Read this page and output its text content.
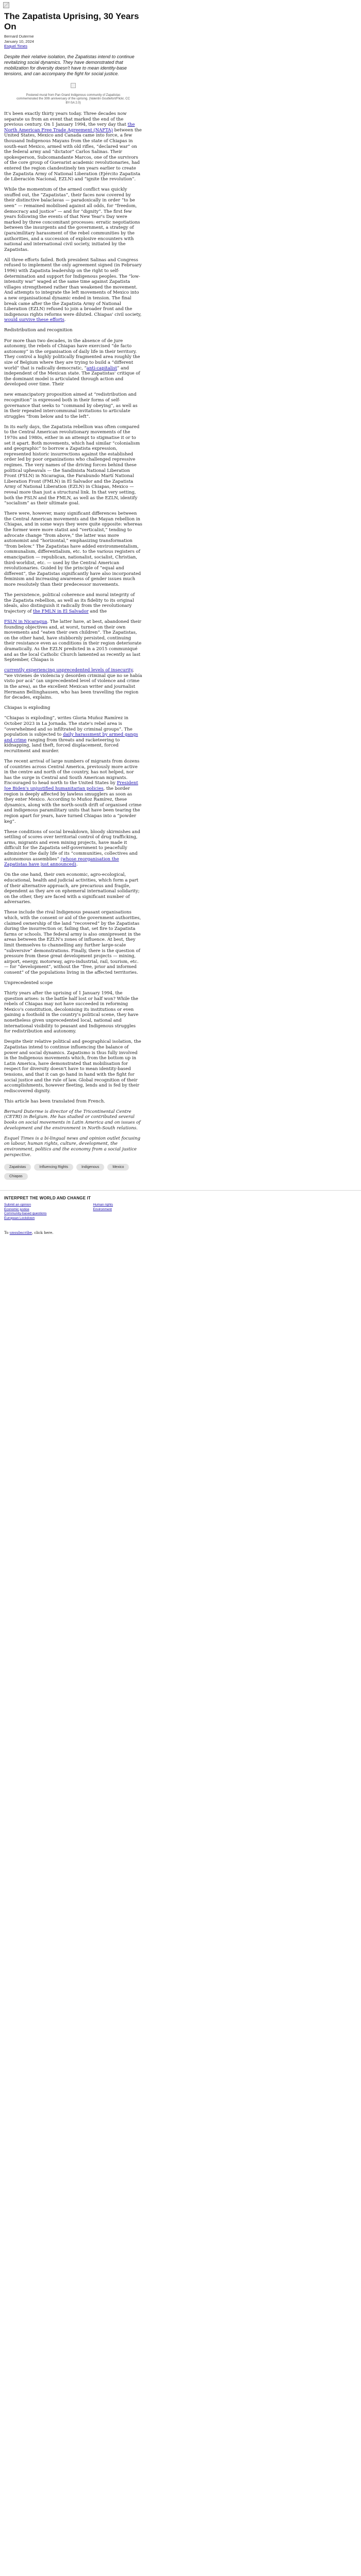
The Zapatista Uprising, 30 Years On
Bernard Duterme
January 10, 2024
Esquel Times

Despite their relative isolation, the Zapatistas intend to continue revitalizing social dynamics. They have demonstrated that mobilization for diversity doesn't have to mean identity-base tensions, and can accompany the fight for social justice.

Postered mural from Pan Grand Indigenous community of Zapatistas commemorated the 30th anniversary of the uprising. (Valentin Gouttefort/Flickr, CC BY-SA 2.0)

It's been exactly thirty years today. Three decades now separate us from an event that marked the end of the previous century. On 1 January 1994, the very day that the North American Free Trade Agreement (NAFTA) between the United States, Mexico and Canada came into force, a few thousand Indigenous Mayans from the state of Chiapas in south-east Mexico, armed with old rifles, “declared war” on the federal army and “dictator” Carlos Salinas. Their spokesperson, Subcomandante Marcos, one of the survivors of the core group of Guevarist academic revolutionaries, had entered the region clandestinely ten years earlier to create the Zapatista Army of National Liberation (Ejército Zapatista de Liberación Nacional, EZLN) and “ignite the revolution”.

While the momentum of the armed conflict was quickly snuffed out, the “Zapatistas”, their faces now covered by their distinctive balaclavas — paradoxically in order “to be seen” — remained mobilised against all odds, for “freedom, democracy and justice” — and for “dignity”. The first few years following the events of that New Year's Day were marked by three concomitant processes: erratic negotiations between the insurgents and the government, a strategy of (para)military harassment of the rebel communities by the authorities, and a succession of explosive encounters with national and international civil society, initiated by the Zapatistas.

All three efforts failed. Both president Salinas and Congress refused to implement the only agreement signed (in February 1996) with Zapatista leadership on the right to self-determination and support for Indigenous peoples. The “low-intensity war” waged at the same time against Zapatista villages strengthened rather than weakened the movement. And attempts to integrate the left movements of Mexico into a new organisational dynamic ended in tension. The final break came after the the Zapatista Army of National Liberation (EZLN) refused to join a broader front and the indigenous rights reforms were diluted. Chiapas' civil society, would survive these efforts.

Redistribution and recognition

For more than two decades, in the absence of de jure autonomy, the rebels of Chiapas have exercised “de facto autonomy” in the organisation of daily life in their territory. They control a highly politically fragmented area roughly the size of Belgium where they are trying to build a “different world” that is radically democratic, “anti-capitalist” and independent of the Mexican state. The Zapatistas' critique of the dominant model is articulated through action and developed over time. Their

new emancipatory proposition aimed at “redistribution and recognition” is expressed both in their forms of self-governance that seeks to “command by obeying”, as well as in their repeated intercommunal invitations to articulate struggles “from below and to the left”.

In its early days, the Zapatista rebellion was often compared to the Central American revolutionary movements of the 1970s and 1980s, either in an attempt to stigmatise it or to set it apart. Both movements, which had similar “colonialism and geographic” to borrow a Zapatista expression, represented historic insurrections against the established order led by poor organizations who challenged repressive regimes. The very names of the driving forces behind these political upheavals — the Sandinista National Liberation Front (FSLN) in Nicaragua, the Farabundo Martí National Liberation Front (FMLN) in El Salvador and the Zapatista Army of National Liberation (EZLN) in Chiapas, Mexico — reveal more than just a structural link. In that very setting, both the FSLN and the FMLN, as well as the EZLN, identify “socialism” as their ultimate goal.

There were, however, many significant differences between the Central American movements and the Mayan rebellion in Chiapas, and in some ways they were quite opposite: whereas the former were more statist and “verticalist,” tending to advocate change “from above,” the latter was more autonomist and “horizontal,” emphasizing transformation “from below.” The Zapatistas have added environmentalism, communalism, differentialism, etc. to the various registers of emancipation — republican, nationalist, socialist, Christian, third-worldist, etc. — used by the Central American revolutionaries. Guided by the principle of “equal and different”, the Zapatistas significantly have also incorporated feminism and increasing awareness of gender issues much more resolutely than their predecessor movements.

The persistence, political coherence and moral integrity of the Zapatista rebellion, as well as its fidelity to its original ideals, also distinguish it radically from the revolutionary trajectory of the FMLN in El Salvador and the

FSLN in Nicaragua. The latter have, at best, abandoned their founding objectives and, at worst, turned on their own movements and “eaten their own children”. The Zapatistas, on the other hand, have stubbornly persisted, continuing their resistance even as conditions in their region deteriorate dramatically. As the EZLN predicted in a 2015 communiqué and as the local Catholic Church lamented as recently as last September, Chiapas is

currently experiencing unprecedented levels of insecurity, “we vivienes de violencia y desorden criminal que no se había visto por acá” (an unprecedented level of violence and crime in the area), as the excellent Mexican writer and journalist Hermann Bellinghausen, who has been travelling the region for decades, explains.

Chiapas is exploding

“Chiapas is exploding”, writes Gloria Muñoz Ramírez in October 2023 in La Jornada. The state's rebel area is “overwhelmed and so infiltrated by criminal groups”. The population is subjected to daily harassment by armed gangs and crime ranging from threats and racketeering to kidnapping, land theft, forced displacement, forced recruitment and murder.

The recent arrival of large numbers of migrants from dozens of countries across Central America, previously more active in the centre and north of the country, has not helped, nor has the surge in Central and South American migrants. Encouraged to head north to the United States by President Joe Biden's unjustified humanitarian policies, the border region is deeply affected by lawless smugglers as soon as they enter Mexico. According to Muñoz Ramírez, these dynamics, along with the north-south drift of organised crime and indigenous paramilitary units that have been tearing the region apart for years, have turned Chiapas into a “powder keg”.

These conditions of social breakdown, bloody skirmishes and settling of scores over territorial control of drug trafficking, arms, migrants and even mining projects, have made it difficult for the Zapatista self-government to peacefully administer the daily life of its “communities, collectives and autonomous assemblies” (whose reorganisation the Zapatistas have just announced).

On the one hand, their own economic, agro-ecological, educational, health and judicial activities, which form a part of their alternative approach, are precarious and fragile, dependent as they are on ephemeral international solidarity; on the other, they are faced with a significant number of adversaries.

These include the rival Indigenous peasant organisations which, with the consent or aid of the government authorities, claimed ownership of the land “recovered” by the Zapatistas during the insurrection or, failing that, set fire to Zapatista farms or schools. The federal army is also omnipresent in the areas between the EZLN's zones of influence. At best, they limit themselves to channelling any further large-scale “subversive” demonstrations. Finally, there is the question of pressure from these great development projects — mining, airport, energy, motorway, agro-industrial, rail, tourism, etc. — for “development”, without the “free, prior and informed consent” of the populations living in the affected territories.

Unprecedented scope

Thirty years after the uprising of 1 January 1994, the question arises: is the battle half lost or half won? While the rebels of Chiapas may not have succeeded in reforming Mexico's constitution, decolonising its institutions or even gaining a foothold in the country's political scene, they have nonetheless given unprecedented local, national and international visibility to peasant and Indigenous struggles for redistribution and autonomy.

Despite their relative political and geographical isolation, the Zapatistas intend to continue influencing the balance of power and social dynamics. Zapatismo is thus fully involved in the Indigenous movements which, from the bottom up in Latin America, have demonstrated that mobilisation for respect for diversity doesn't have to mean identity-based tensions, and that it can go hand in hand with the fight for social justice and the rule of law. Global recognition of their accomplishments, however fleeting, lends and is fed by their rediscovered dignity.

This article has been translated from French.

Bernard Duterme is director of the Tricontinental Centre (CETRI) in Belgium. He has studied or contributed several books on social movements in Latin America and on issues of development and the environment in North-South relations.

Esquel Times is a bi-lingual news and opinion outlet focusing on labour, human rights, culture, development, the environment, politics and the economy from a social justice perspective.

Zapatistas	Influencing Rights	Indigenous	Mexico
Chiapas
INTERPRET THE WORLD AND CHANGE IT
Submit an opinion
Economic justice
Community-based questions
European Lockdown
Human rights
Environment
To unsubscribe, click here.
